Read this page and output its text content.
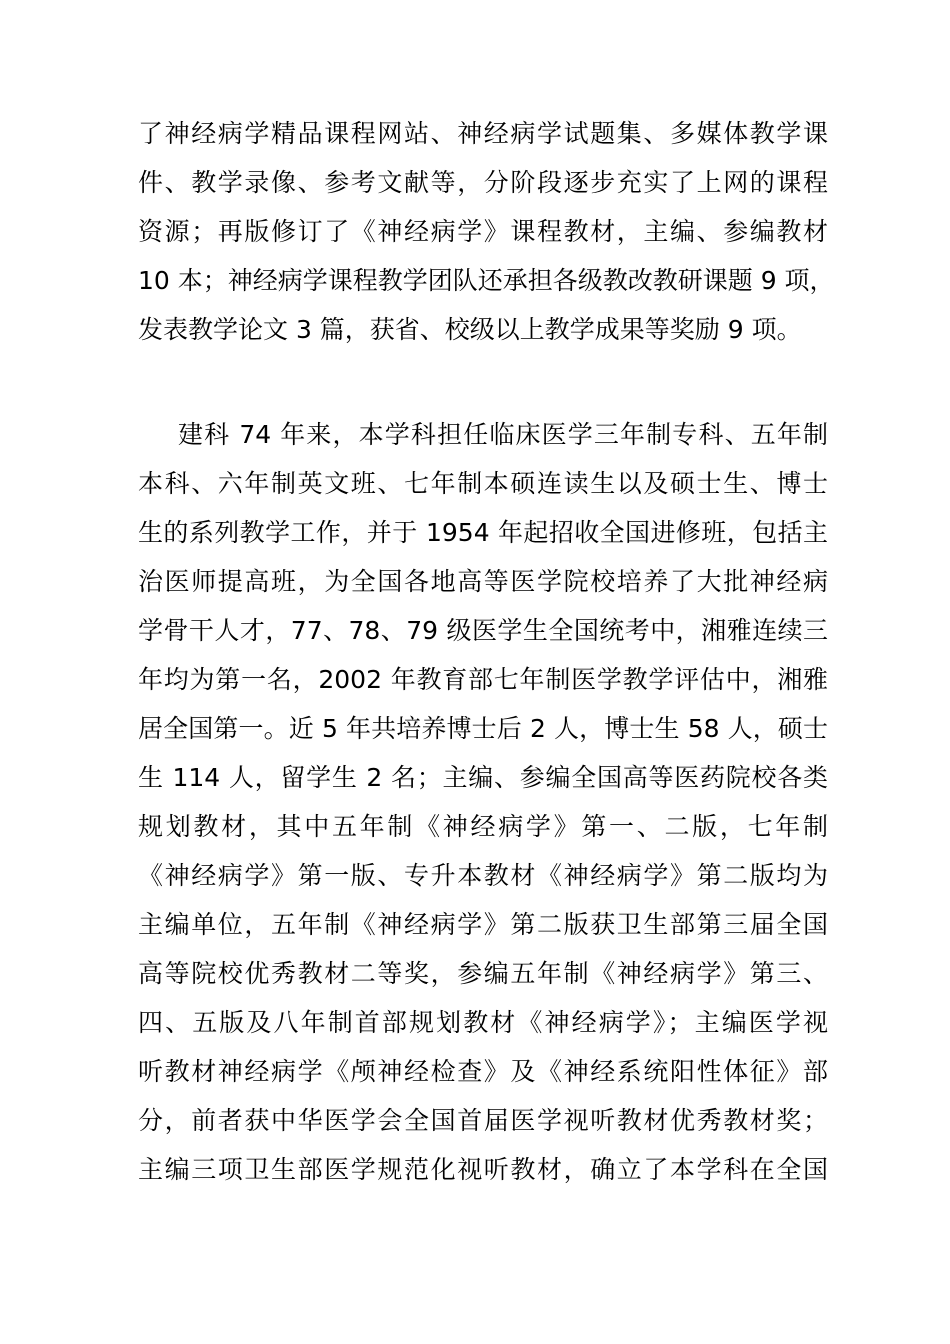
了神经病学精品课程网站、神经病学试题集、多媒体教学课
件、教学录像、参考文献等，分阶段逐步充实了上网的课程
资源；再版修订了《神经病学》课程教材，主编、参编教材
10 本；神经病学课程教学团队还承担各级教改教研课题 9 项，
发表教学论文 3 篇，获省、校级以上教学成果等奖励 9 项。
建科 74 年来，本学科担任临床医学三年制专科、五年制
本科、六年制英文班、七年制本硕连读生以及硕士生、博士
生的系列教学工作，并于 1954 年起招收全国进修班，包括主
治医师提高班，为全国各地高等医学院校培养了大批神经病
学骨干人才，77、78、79 级医学生全国统考中，湘雅连续三
年均为第一名，2002 年教育部七年制医学教学评估中，湘雅
居全国第一。近 5 年共培养博士后 2 人，博士生 58 人，硕士
生 114 人，留学生 2 名；主编、参编全国高等医药院校各类
规划教材，其中五年制《神经病学》第一、二版，七年制
《神经病学》第一版、专升本教材《神经病学》第二版均为
主编单位，五年制《神经病学》第二版获卫生部第三届全国
高等院校优秀教材二等奖，参编五年制《神经病学》第三、
四、五版及八年制首部规划教材《神经病学》；主编医学视
听教材神经病学《颅神经检查》及《神经系统阳性体征》部
分，前者获中华医学会全国首届医学视听教材优秀教材奖；
主编三项卫生部医学规范化视听教材，确立了本学科在全国
